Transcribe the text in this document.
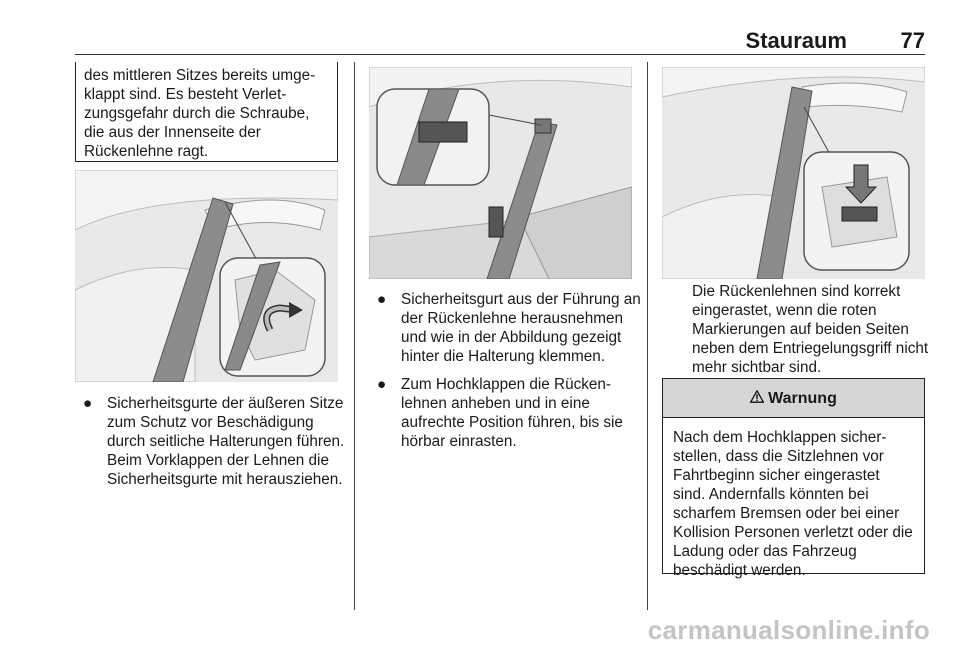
Stauraum 77
des mittleren Sitzes bereits umgeklappt sind. Es besteht Verletzungsgefahr durch die Schraube, die aus der Innenseite der Rückenlehne ragt.
● Sicherheitsgurte der äußeren Sitze zum Schutz vor Beschädigung durch seitliche Halterungen führen. Beim Vorklappen der Lehnen die Sicherheitsgurte mit herausziehen.
● Sicherheitsgurt aus der Führung an der Rückenlehne herausnehmen und wie in der Abbildung gezeigt hinter die Halterung klemmen.
● Zum Hochklappen die Rückenlehnen anheben und in eine aufrechte Position führen, bis sie hörbar einrasten.
Die Rückenlehnen sind korrekt eingerastet, wenn die roten Markierungen auf beiden Seiten neben dem Entriegelungsgriff nicht mehr sichtbar sind.
Warnung
Nach dem Hochklappen sicherstellen, dass die Sitzlehnen vor Fahrtbeginn sicher eingerastet sind. Andernfalls könnten bei scharfem Bremsen oder bei einer Kollision Personen verletzt oder die Ladung oder das Fahrzeug beschädigt werden.
carmanualsonline.info
